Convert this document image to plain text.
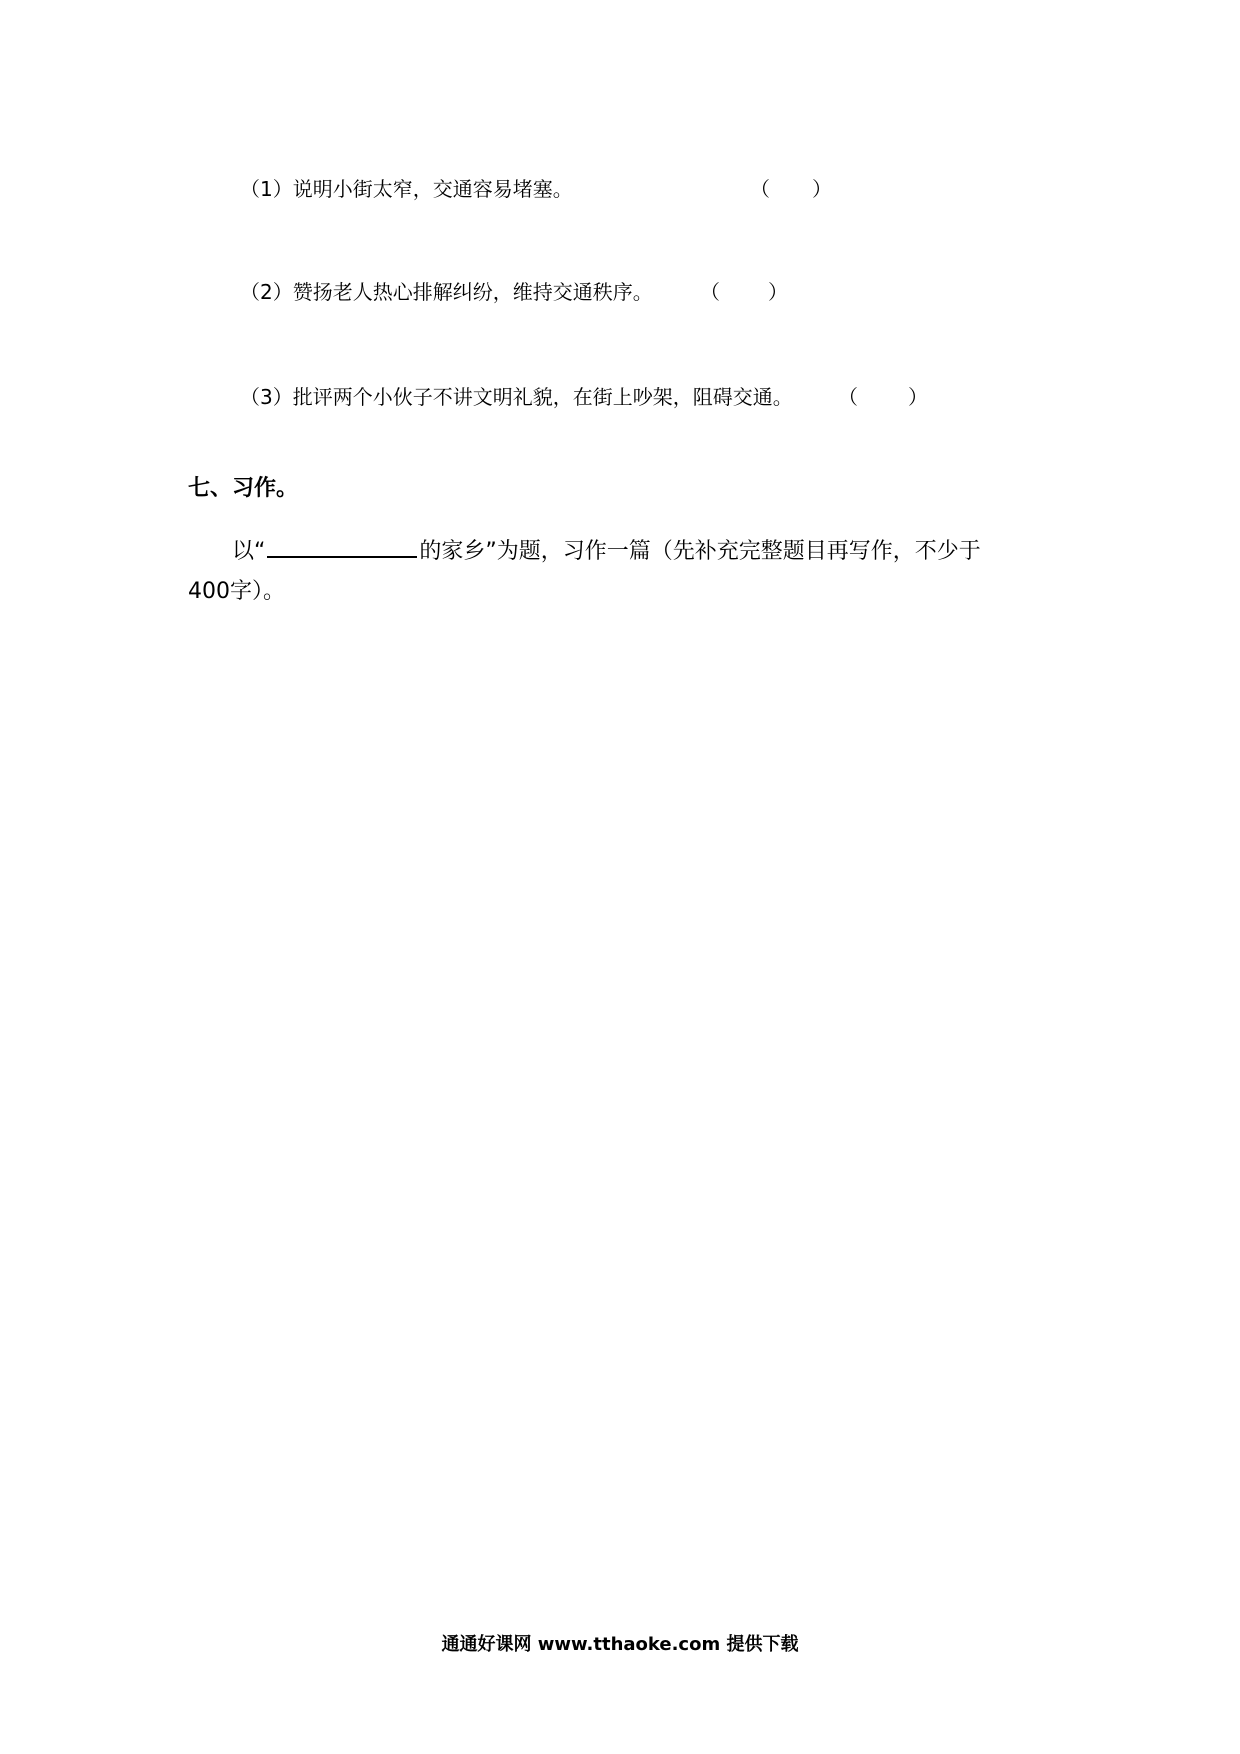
（1）说明小街太窄，交通容易堵塞。	（ ）
（2）赞扬老人热心排解纠纷，维持交通秩序。 （ ）
（3）批评两个小伙子不讲文明礼貌，在街上吵架，阻碍交通。 （	）
七、习作。
以“	的家乡”为题，习作一篇（先补充完整题目再写作，不少于
400字）。
通通好课网 www.tthaoke.com 提供下载
